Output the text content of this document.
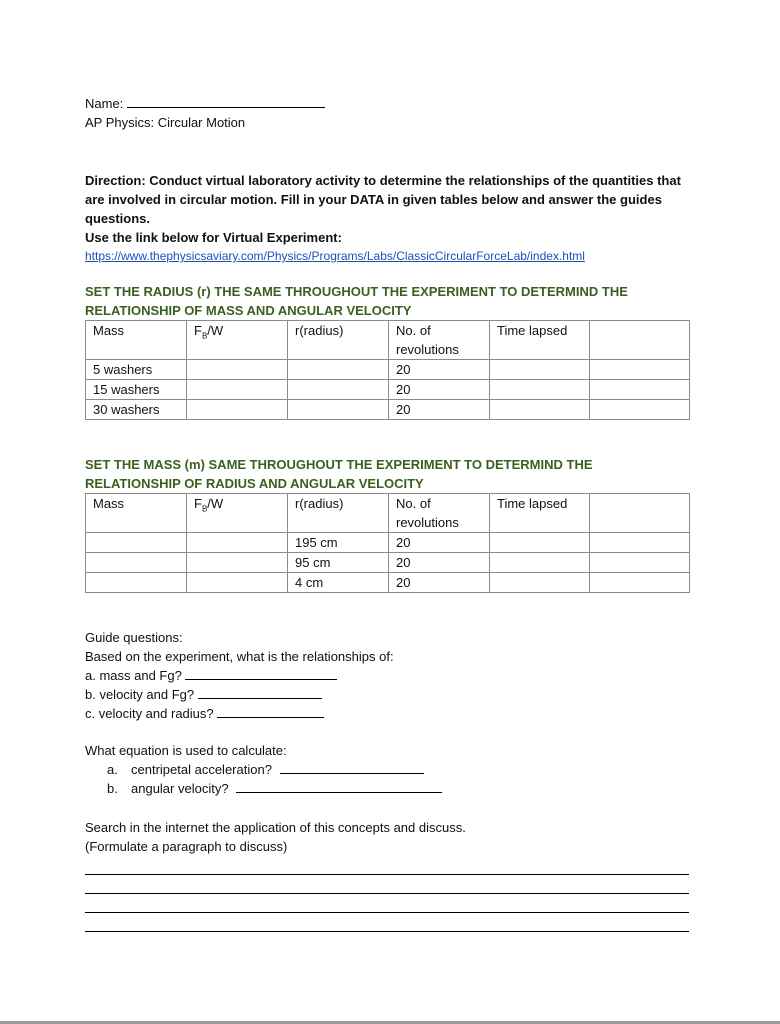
Name:
AP Physics: Circular Motion
Direction: Conduct virtual laboratory activity to determine the relationships of the quantities that are involved in circular motion. Fill in your DATA in given tables below and answer the guides questions.
Use the link below for Virtual Experiment:
https://www.thephysicsaviary.com/Physics/Programs/Labs/ClassicCircularForceLab/index.html
SET THE RADIUS (r) THE SAME THROUGHOUT THE EXPERIMENT TO DETERMIND THE RELATIONSHIP OF MASS AND ANGULAR VELOCITY
Mass	$F_B/W$	r(radius)	No. of revolutions	Time lapsed	
5 washers			20		
15 washers			20		
30 washers			20		
SET THE MASS (m) SAME THROUGHOUT THE EXPERIMENT TO DETERMIND THE RELATIONSHIP OF RADIUS AND ANGULAR VELOCITY
Mass	$F_B/W$	r(radius)	No. of revolutions	Time lapsed	
		195 cm	20		
		95 cm	20		
		4 cm	20		
Guide questions:
Based on the experiment, what is the relationships of:
a. mass and Fg?
b. velocity and Fg?
c. velocity and radius?
What equation is used to calculate:
a. centripetal acceleration?
b. angular velocity?
Search in the internet the application of this concepts and discuss.
(Formulate a paragraph to discuss)
